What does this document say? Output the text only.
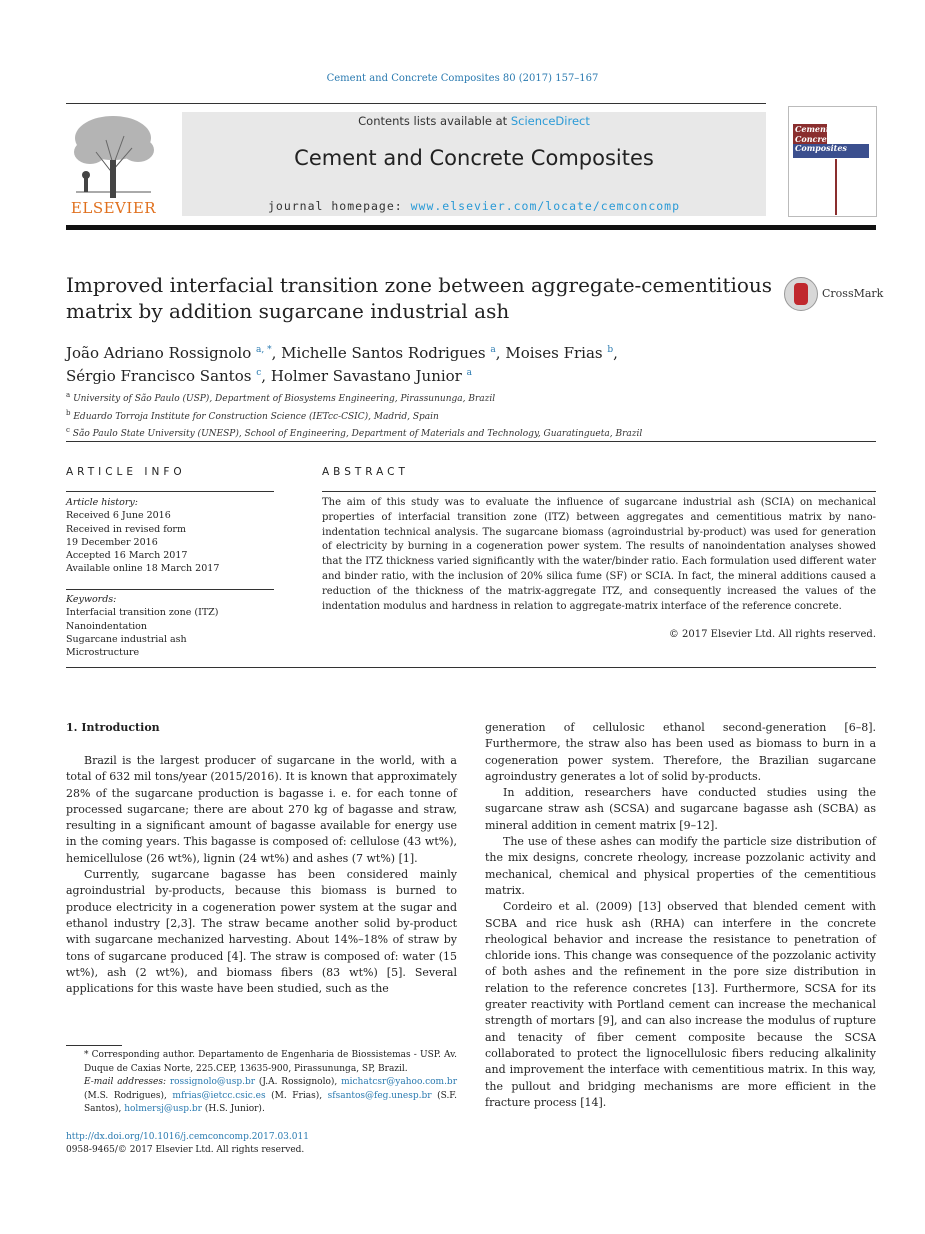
Cement and Concrete Composites 80 (2017) 157–167
ELSEVIER
Contents lists available at ScienceDirect
Cement and Concrete Composites
journal homepage: www.elsevier.com/locate/cemconcomp
Cement &
Concrete
Composites
Improved interfacial transition zone between aggregate-cementitious matrix by addition sugarcane industrial ash
CrossMark
João Adriano Rossignolo $^{a, *}$, Michelle Santos Rodrigues $^a$, Moises Frias $^b$,
Sérgio Francisco Santos $^c$, Holmer Savastano Junior $^a$
$^a$ University of São Paulo (USP), Department of Biosystems Engineering, Pirassununga, Brazil
$^b$ Eduardo Torroja Institute for Construction Science (IETcc-CSIC), Madrid, Spain
$^c$ São Paulo State University (UNESP), School of Engineering, Department of Materials and Technology, Guaratingueta, Brazil
ARTICLE INFO	ABSTRACT
Article history:
Received 6 June 2016
Received in revised form
19 December 2016
Accepted 16 March 2017
Available online 18 March 2017
Keywords:
Interfacial transition zone (ITZ)
Nanoindentation
Sugarcane industrial ash
Microstructure
The aim of this study was to evaluate the influence of sugarcane industrial ash (SCIA) on mechanical properties of interfacial transition zone (ITZ) between aggregates and cementitious matrix by nano-indentation technical analysis. The sugarcane biomass (agroindustrial by-product) was used for generation of electricity by burning in a cogeneration power system. The results of nanoindentation analyses showed that the ITZ thickness varied significantly with the water/binder ratio. Each formulation used different water and binder ratio, with the inclusion of 20% silica fume (SF) or SCIA. In fact, the mineral additions caused a reduction of the thickness of the matrix-aggregate ITZ, and consequently increased the values of the indentation modulus and hardness in relation to aggregate-matrix interface of the reference concrete.
© 2017 Elsevier Ltd. All rights reserved.
1. Introduction

Brazil is the largest producer of sugarcane in the world, with a total of 632 mil tons/year (2015/2016). It is known that approximately 28% of the sugarcane production is bagasse i. e. for each tonne of processed sugarcane; there are about 270 kg of bagasse and straw, resulting in a significant amount of bagasse available for energy use in the coming years. This bagasse is composed of: cellulose (43 wt%), hemicellulose (26 wt%), lignin (24 wt%) and ashes (7 wt%) [1].

Currently, sugarcane bagasse has been considered mainly agroindustrial by-products, because this biomass is burned to produce electricity in a cogeneration power system at the sugar and ethanol industry [2,3]. The straw became another solid by-product with sugarcane mechanized harvesting. About 14%–18% of straw by tons of sugarcane produced [4]. The straw is composed of: water (15 wt%), ash (2 wt%), and biomass fibers (83 wt%) [5]. Several applications for this waste have been studied, such as the

generation of cellulosic ethanol second-generation [6–8]. Furthermore, the straw also has been used as biomass to burn in a cogeneration power system. Therefore, the Brazilian sugarcane agroindustry generates a lot of solid by-products.

In addition, researchers have conducted studies using the sugarcane straw ash (SCSA) and sugarcane bagasse ash (SCBA) as mineral addition in cement matrix [9–12].

The use of these ashes can modify the particle size distribution of the mix designs, concrete rheology, increase pozzolanic activity and mechanical, chemical and physical properties of the cementitious matrix.

Cordeiro et al. (2009) [13] observed that blended cement with SCBA and rice husk ash (RHA) can interfere in the concrete rheological behavior and increase the resistance to penetration of chloride ions. This change was consequence of the pozzolanic activity of both ashes and the refinement in the pore size distribution in relation to the reference concretes [13]. Furthermore, SCSA for its greater reactivity with Portland cement can increase the mechanical strength of mortars [9], and can also increase the modulus of rupture and tenacity of fiber cement composite because the SCSA collaborated to protect the lignocellulosic fibers reducing alkalinity and improvement the interface with cementitious matrix. In this way, the pullout and bridging mechanisms are more efficient in the fracture process [14].

* Corresponding author. Departamento de Engenharia de Biossistemas - USP. Av. Duque de Caxias Norte, 225.CEP, 13635-900, Pirassununga, SP, Brazil.
E-mail addresses: rossignolo@usp.br (J.A. Rossignolo), michatcsr@yahoo.com.br (M.S. Rodrigues), mfrias@ietcc.csic.es (M. Frias), sfsantos@feg.unesp.br (S.F. Santos), holmersj@usp.br (H.S. Junior).
http://dx.doi.org/10.1016/j.cemconcomp.2017.03.011
0958-9465/© 2017 Elsevier Ltd. All rights reserved.
